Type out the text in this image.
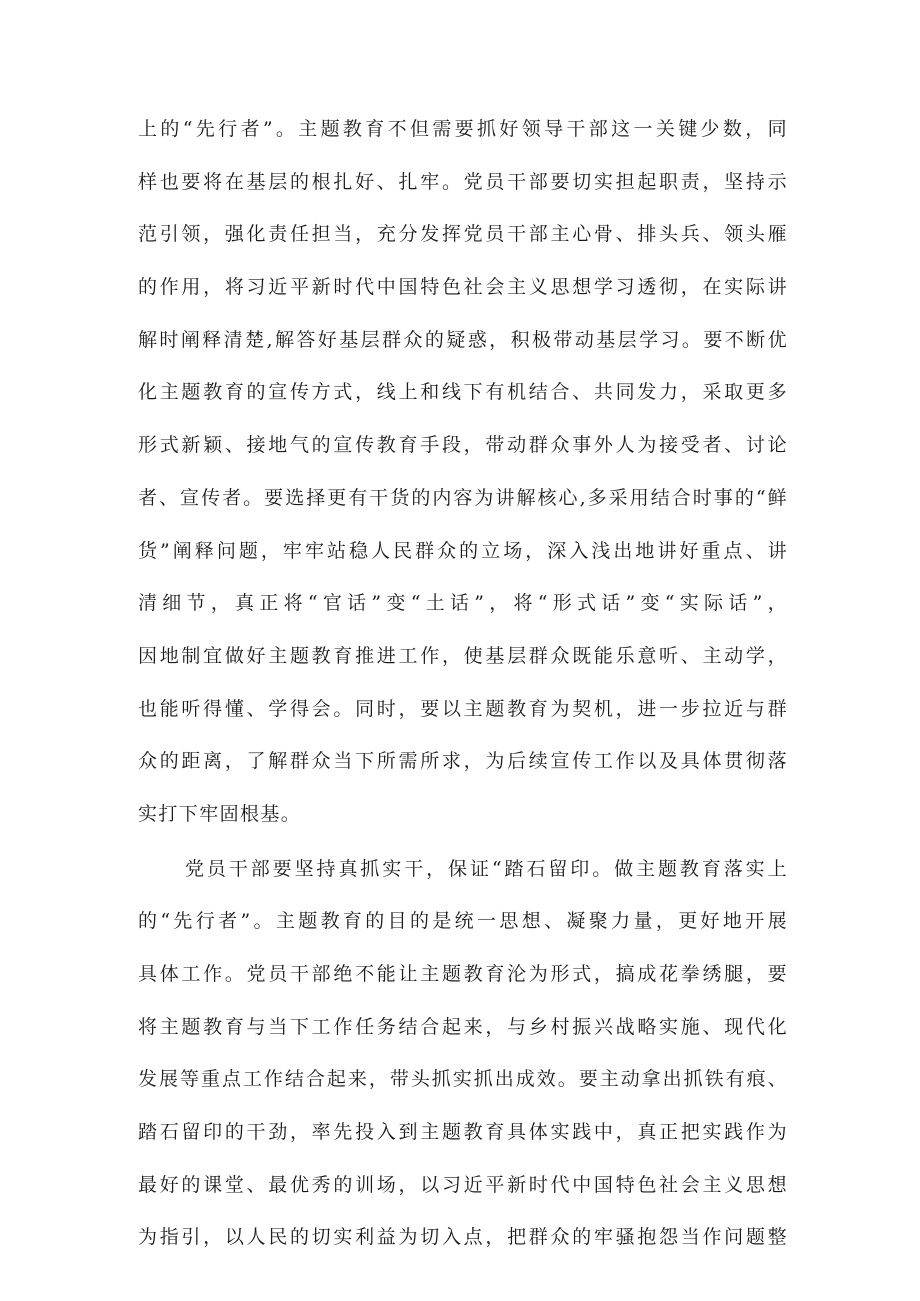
上的“先行者”。主题教育不但需要抓好领导干部这一关键少数，同
样也要将在基层的根扎好、扎牢。党员干部要切实担起职责，坚持示
范引领，强化责任担当，充分发挥党员干部主心骨、排头兵、领头雁
的作用，将习近平新时代中国特色社会主义思想学习透彻，在实际讲
解时阐释清楚,解答好基层群众的疑惑，积极带动基层学习。要不断优
化主题教育的宣传方式，线上和线下有机结合、共同发力，采取更多
形式新颖、接地气的宣传教育手段，带动群众事外人为接受者、讨论
者、宣传者。要选择更有干货的内容为讲解核心,多采用结合时事的“鲜
货”阐释问题，牢牢站稳人民群众的立场，深入浅出地讲好重点、讲
清细节，真正将“官话”变“土话”，将“形式话”变“实际话”，
因地制宜做好主题教育推进工作，使基层群众既能乐意听、主动学，
也能听得懂、学得会。同时，要以主题教育为契机，进一步拉近与群
众的距离，了解群众当下所需所求，为后续宣传工作以及具体贯彻落
实打下牢固根基。
党员干部要坚持真抓实干，保证“踏石留印。做主题教育落实上
的“先行者”。主题教育的目的是统一思想、凝聚力量，更好地开展
具体工作。党员干部绝不能让主题教育沦为形式，搞成花拳绣腿，要
将主题教育与当下工作任务结合起来，与乡村振兴战略实施、现代化
发展等重点工作结合起来，带头抓实抓出成效。要主动拿出抓铁有痕、
踏石留印的干劲，率先投入到主题教育具体实践中，真正把实践作为
最好的课堂、最优秀的训场，以习近平新时代中国特色社会主义思想
为指引，以人民的切实利益为切入点，把群众的牢骚抱怨当作问题整
